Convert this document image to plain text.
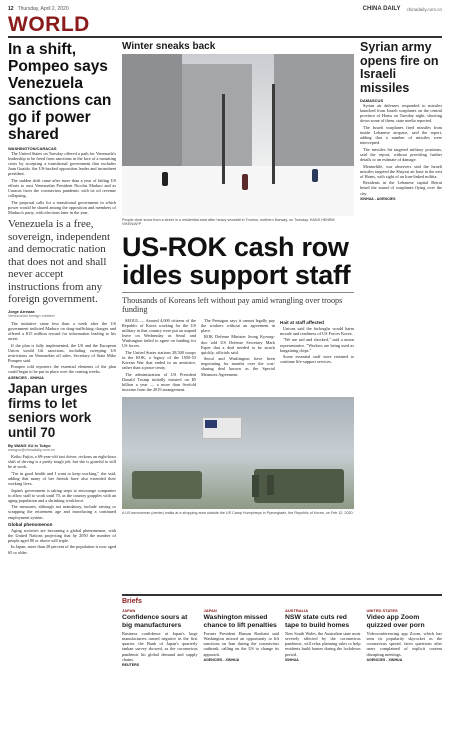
12 Thursday, April 2, 2020	CHINA DAILY chinadaily.com.cn
WORLD
In a shift, Pompeo says Venezuela sanctions can go if power shared
WASHINGTON/CARACAS

The United States on Tuesday offered a path for Venezuela's leadership to be freed from sanctions in the face of a mounting crisis by accepting a transitional government that excludes Juan Guaido, the US-backed opposition leader and incumbent president.

The sudden shift came after more than a year of failing US efforts to oust Venezuelan President Nicolas Maduro and as Caracas faces the coronavirus pandemic with its oil revenue collapsing.

The proposal calls for a transitional government in which power would be shared among the opposition and members of Maduro's party, with elections later in the year.

Venezuela is a free, sovereign, independent and democratic nation that does not and shall never accept instructions from any foreign government.
Jorge Arreaza
Venezuelan foreign minister

The initiative came less than a week after the US government indicted Maduro on drug-trafficking charges and offered a $15 million reward for information leading to his arrest.

If the plan is fully implemented, the US and the European Union would lift sanctions, including sweeping US restrictions on Venezuelan oil sales, Secretary of State Mike Pompeo said.

Pompeo told reporters the essential elements of the plan could begin to be put in place over the coming weeks.

AGENCIES - XINHUA
Japan urges firms to let seniors work until 70
By WANG XU in Tokyo
wangxu@chinadaily.com.cn

Keiko Fujita, a 69-year-old taxi driver, reckons an eight-hour shift of driving is a pretty tough job, but she is grateful to still be at work.

"I'm in good health and I want to keep working," she said, adding that many of her friends have also extended their working lives.

Japan's government is taking steps to encourage companies to allow staff to work until 70, as the country grapples with an aging population and a shrinking workforce.

The measures, although not mandatory, include raising or scrapping the retirement age and introducing a continued employment system.

Global phenomenon

Aging societies are becoming a global phenomenon, with the United Nations projecting that by 2050 the number of people aged 80 or above will triple.

In Japan, more than 28 percent of the population is now aged 65 or older.

Winter sneaks back
People clear snow from a street in a residential area after heavy snowfall in Tromso, northern Norway, on Tuesday. HANS HENRIK VIKEN/AFP
US-ROK cash row idles support staff
Thousands of Koreans left without pay amid wrangling over troops funding

SEOUL — Around 4,000 citizens of the Republic of Korea working for the US military in that country were put on unpaid leave on Wednesday as Seoul and Washington failed to agree on funding for US forces.

The United States stations 28,500 troops in the ROK, a legacy of the 1950-53 Korean War that ended in an armistice, rather than a peace treaty.

The administration of US President Donald Trump initially insisted on $5 billion a year — a more than fivefold increase from the 2019 arrangement.

The Pentagon says it cannot legally pay the workers without an agreement in place.

ROK Defense Minister Jeong Kyeong-doo told US Defense Secretary Mark Esper that a deal needed to be struck quickly, officials said.

Seoul and Washington have been negotiating for months over the cost-sharing deal known as the Special Measures Agreement.

Hait at staff affected

Unions said the furloughs would harm morale and readiness of US Forces Korea.

"We are sad and shocked," said a union representative. "Workers are being used as bargaining chips."

Some essential staff were retained to continue life-support services.

A US serviceman (center) walks at a shopping area outside the US Camp Humphreys in Pyeongtaek, the Republic of Korea, on Feb 12, 2020.
Syrian army opens fire on Israeli missiles
DAMASCUS

Syrian air defenses responded to missiles launched from Israeli warplanes on the central province of Homs on Tuesday night, shooting down some of them, state media reported.

The Israeli warplanes fired missiles from inside Lebanese airspace, said the report, adding that a number of missiles were intercepted.

The missiles hit targeted military positions, said the report, without providing further details or an estimate of damage.

Meanwhile, war observers said the Israeli missiles targeted the Shayrat air base in the east of Homs, with sight of an Iran-linked militia.

Residents in the Lebanese capital Beirut heard the sound of warplanes flying over the city.

XINHUA - AGENCIES
Briefs
JAPAN
Confidence sours at big manufacturers
Business confidence at Japan's large manufacturers turned negative in the first quarter, the Bank of Japan's quarterly tankan survey showed, as the coronavirus pandemic hit global demand and supply chains.
REUTERS
JAPAN
Washington missed chance to lift penalties
Former President Hassan Rouhani said Washington missed an opportunity to lift sanctions on Iran during the coronavirus outbreak, calling on the US to change its approach.
AGENCIES - XINHUA
AUSTRALIA
NSW state cuts red tape to build homes
New South Wales, the Australian state most severely affected by the coronavirus pandemic, will relax planning rules to help residents build homes during the lockdown period.
XINHUA
UNITED STATES
Video app Zoom quizzed over porn
Videoconferencing app Zoom, which has seen its popularity skyrocket as the coronavirus spread, faces questions after users complained of explicit content disrupting meetings.
AGENCIES - XINHUA
